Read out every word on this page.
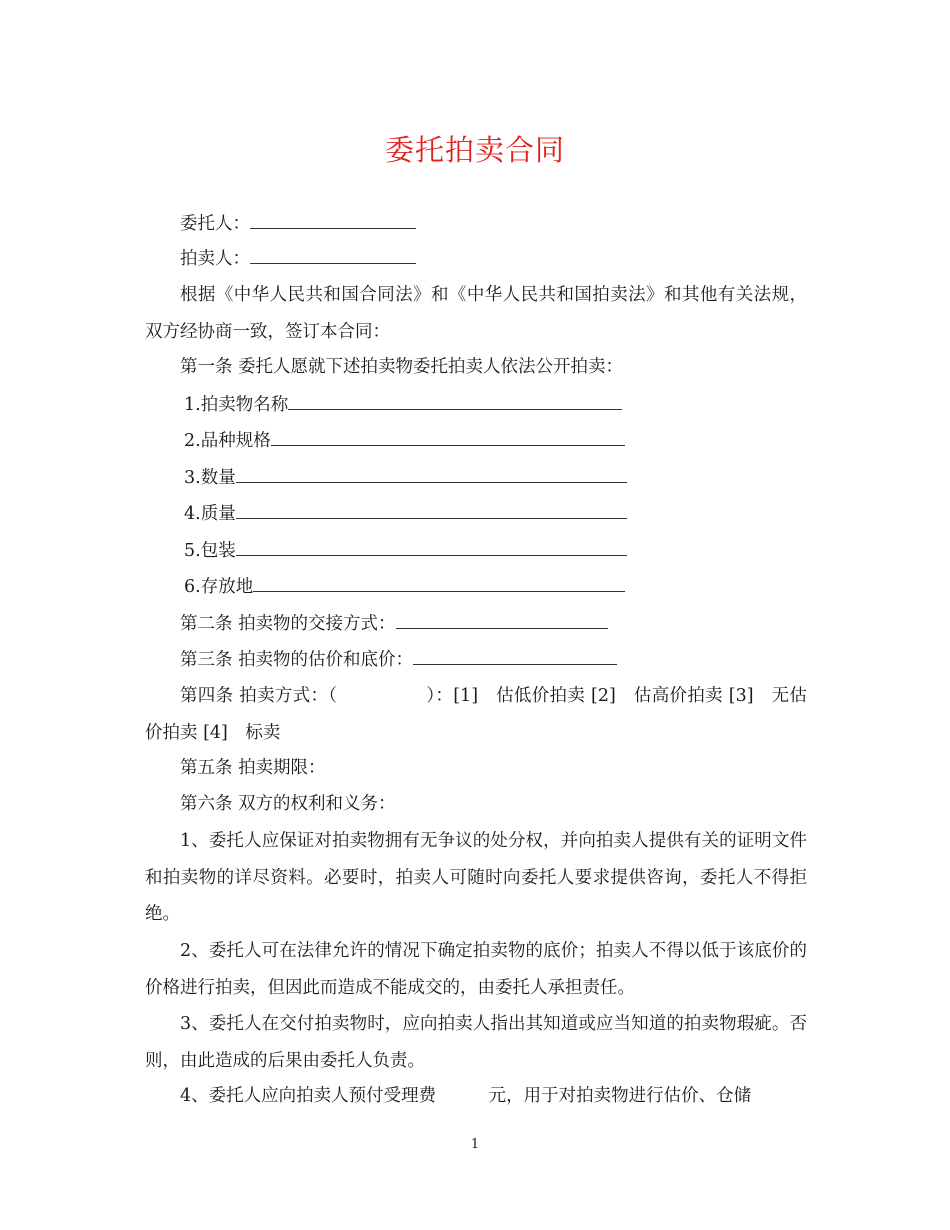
委托拍卖合同
委托人：
拍卖人：
根据《中华人民共和国合同法》和《中华人民共和国拍卖法》和其他有关法规，双方经协商一致，签订本合同：
第一条 委托人愿就下述拍卖物委托拍卖人依法公开拍卖：
1.拍卖物名称
2.品种规格
3.数量
4.质量
5.包装
6.存放地
第二条 拍卖物的交接方式：
第三条 拍卖物的估价和底价：
第四条 拍卖方式：（　　　　　）：[1]　估低价拍卖 [2]　估高价拍卖 [3]　无估价拍卖 [4]　标卖
第五条 拍卖期限：
第六条 双方的权利和义务：
1、委托人应保证对拍卖物拥有无争议的处分权，并向拍卖人提供有关的证明文件和拍卖物的详尽资料。必要时，拍卖人可随时向委托人要求提供咨询，委托人不得拒绝。
2、委托人可在法律允许的情况下确定拍卖物的底价；拍卖人不得以低于该底价的价格进行拍卖，但因此而造成不能成交的，由委托人承担责任。
3、委托人在交付拍卖物时，应向拍卖人指出其知道或应当知道的拍卖物瑕疵。否则，由此造成的后果由委托人负责。
4、委托人应向拍卖人预付受理费　　　元，用于对拍卖物进行估价、仓储
1
